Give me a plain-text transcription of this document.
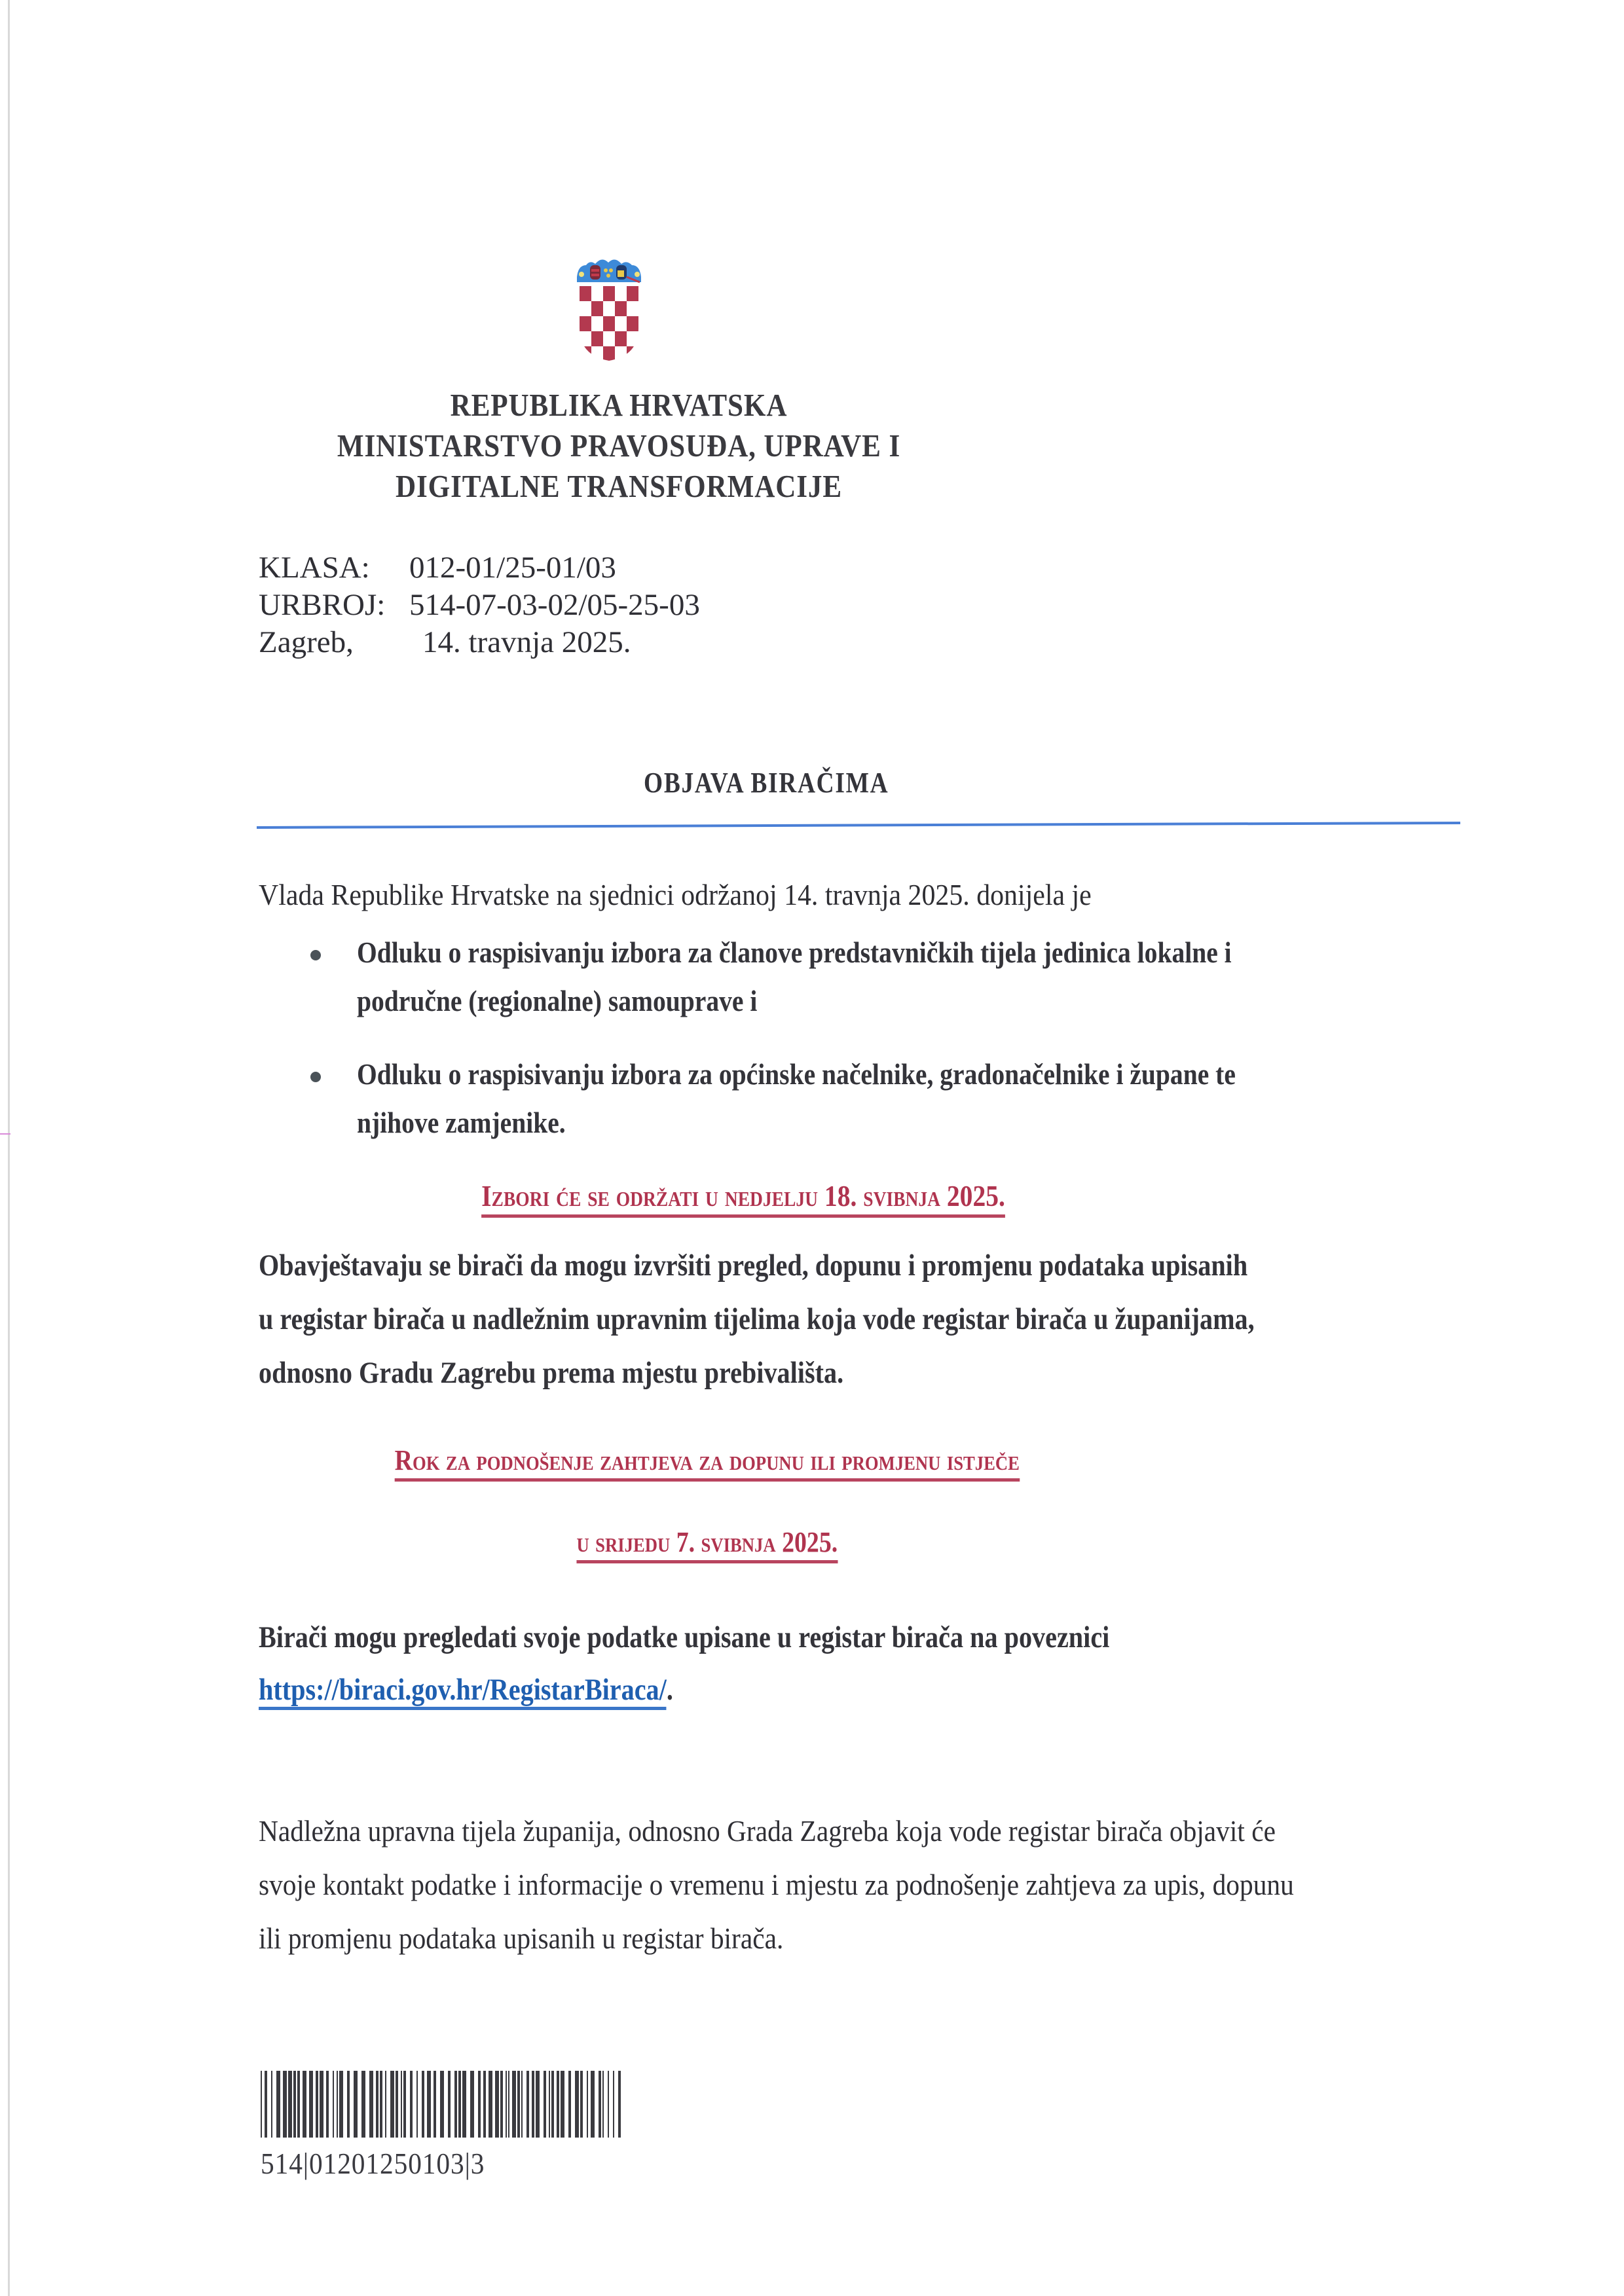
REPUBLIKA HRVATSKA
MINISTARSTVO PRAVOSUĐA, UPRAVE I
DIGITALNE TRANSFORMACIJE
KLASA: 012-01/25-01/03
URBROJ: 514-07-03-02/05-25-03
Zagreb, 14. travnja 2025.
OBJAVA BIRAČIMA
Vlada Republike Hrvatske na sjednici održanoj 14. travnja 2025. donijela je
Odluku o raspisivanju izbora za članove predstavničkih tijela jedinica lokalne i
područne (regionalne) samouprave i
Odluku o raspisivanju izbora za općinske načelnike, gradonačelnike i župane te
njihove zamjenike.
Izbori će se održati u nedjelju 18. svibnja 2025.
Obavještavaju se birači da mogu izvršiti pregled, dopunu i promjenu podataka upisanih
u registar birača u nadležnim upravnim tijelima koja vode registar birača u županijama,
odnosno Gradu Zagrebu prema mjestu prebivališta.
Rok za podnošenje zahtjeva za dopunu ili promjenu istječe
u srijedu 7. svibnja 2025.
Birači mogu pregledati svoje podatke upisane u registar birača na poveznici
https://biraci.gov.hr/RegistarBiraca/.
Nadležna upravna tijela županija, odnosno Grada Zagreba koja vode registar birača objavit će
svoje kontakt podatke i informacije o vremenu i mjestu za podnošenje zahtjeva za upis, dopunu
ili promjenu podataka upisanih u registar birača.
514|01201250103|3
